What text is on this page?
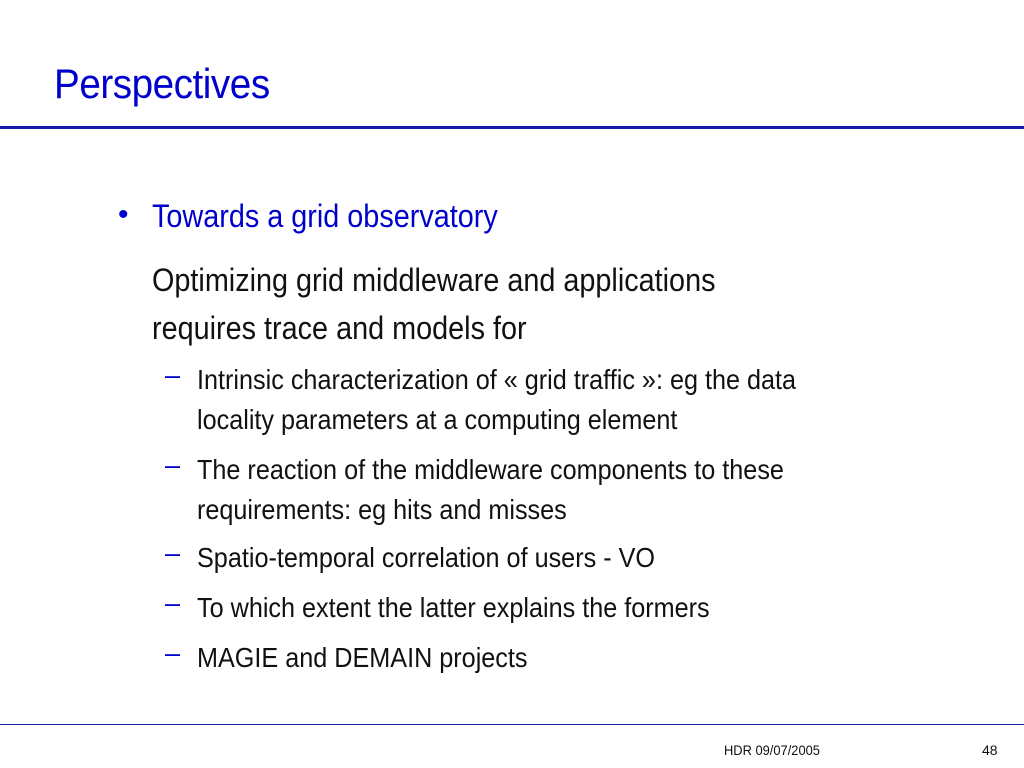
Perspectives
• Towards a grid observatory
Optimizing grid middleware and applications
requires trace and models for
– Intrinsic characterization of « grid traffic »: eg the data
locality parameters at a computing element
– The reaction of the middleware components to these
requirements: eg hits and misses
– Spatio-temporal correlation of users - VO
– To which extent the latter explains the formers
– MAGIE and DEMAIN projects
HDR 09/07/2005	48
